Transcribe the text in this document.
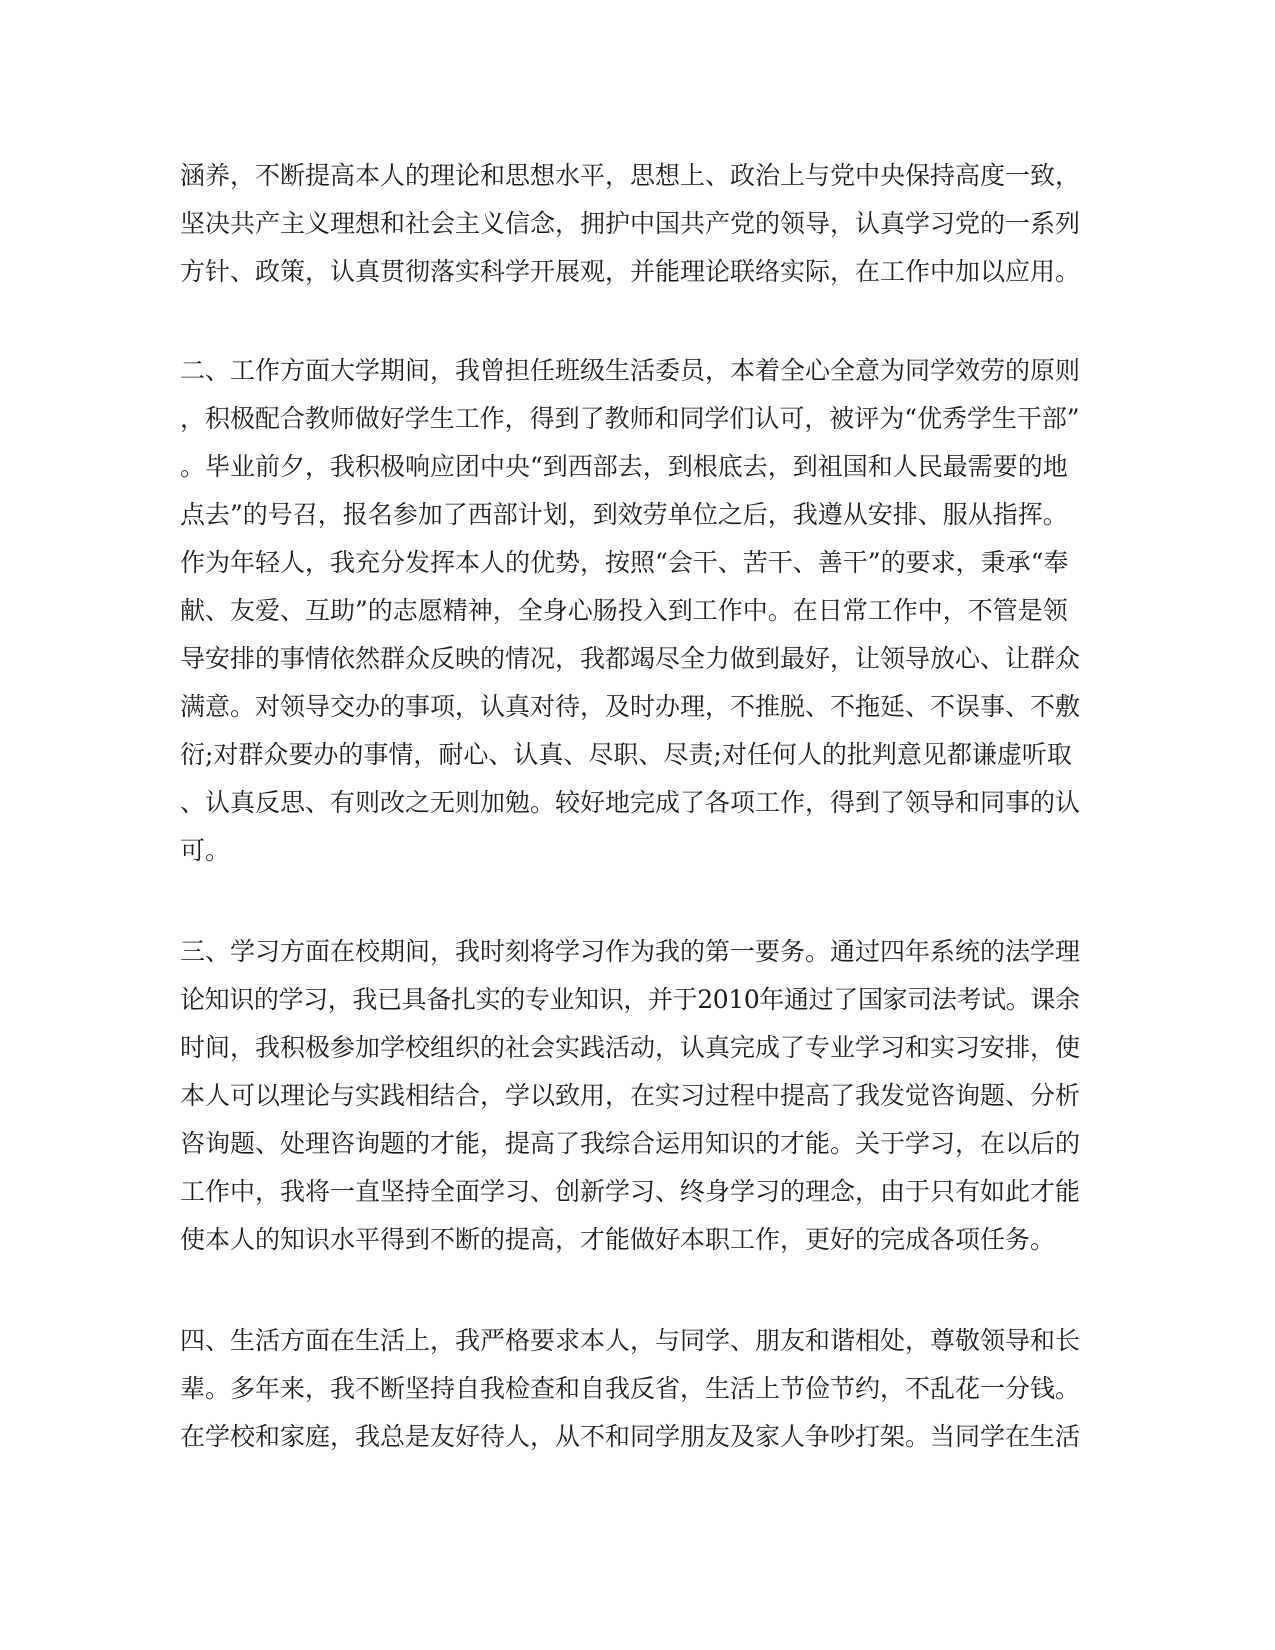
涵养，不断提高本人的理论和思想水平，思想上、政治上与党中央保持高度一致，
坚决共产主义理想和社会主义信念，拥护中国共产党的领导，认真学习党的一系列
方针、政策，认真贯彻落实科学开展观，并能理论联络实际，在工作中加以应用。
二、工作方面大学期间，我曾担任班级生活委员，本着全心全意为同学效劳的原则
，积极配合教师做好学生工作，得到了教师和同学们认可，被评为“优秀学生干部”
。毕业前夕，我积极响应团中央“到西部去，到根底去，到祖国和人民最需要的地
点去”的号召，报名参加了西部计划，到效劳单位之后，我遵从安排、服从指挥。
作为年轻人，我充分发挥本人的优势，按照“会干、苦干、善干”的要求，秉承“奉
献、友爱、互助”的志愿精神，全身心肠投入到工作中。在日常工作中，不管是领
导安排的事情依然群众反映的情况，我都竭尽全力做到最好，让领导放心、让群众
满意。对领导交办的事项，认真对待，及时办理，不推脱、不拖延、不误事、不敷
衍;对群众要办的事情，耐心、认真、尽职、尽责;对任何人的批判意见都谦虚听取
、认真反思、有则改之无则加勉。较好地完成了各项工作，得到了领导和同事的认
可。
三、学习方面在校期间，我时刻将学习作为我的第一要务。通过四年系统的法学理
论知识的学习，我已具备扎实的专业知识，并于2010年通过了国家司法考试。课余
时间，我积极参加学校组织的社会实践活动，认真完成了专业学习和实习安排，使
本人可以理论与实践相结合，学以致用，在实习过程中提高了我发觉咨询题、分析
咨询题、处理咨询题的才能，提高了我综合运用知识的才能。关于学习，在以后的
工作中，我将一直坚持全面学习、创新学习、终身学习的理念，由于只有如此才能
使本人的知识水平得到不断的提高，才能做好本职工作，更好的完成各项任务。
四、生活方面在生活上，我严格要求本人，与同学、朋友和谐相处，尊敬领导和长
辈。多年来，我不断坚持自我检查和自我反省，生活上节俭节约，不乱花一分钱。
在学校和家庭，我总是友好待人，从不和同学朋友及家人争吵打架。当同学在生活
